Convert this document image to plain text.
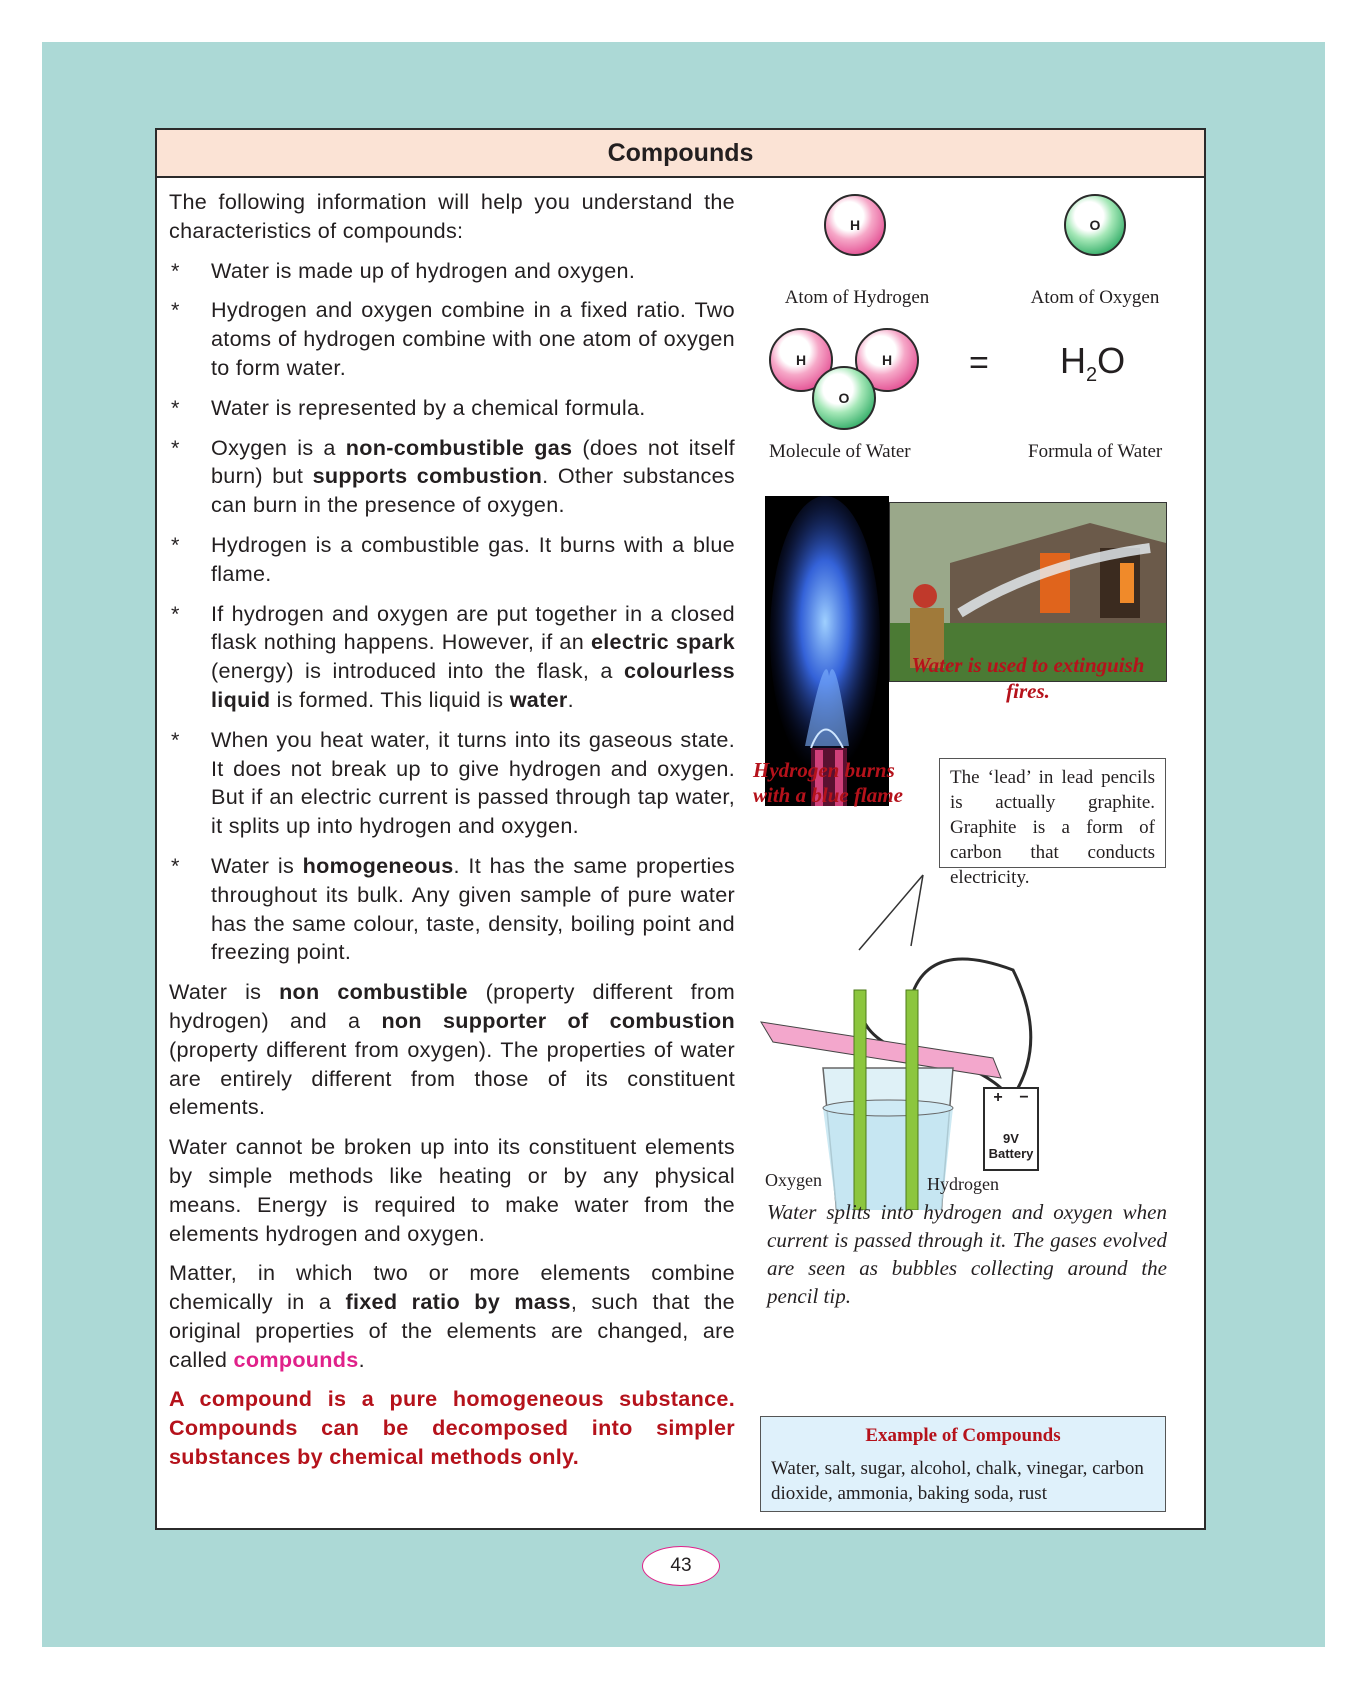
Compounds

The following information will help you understand the characteristics of compounds:

* Water is made up of hydrogen and oxygen.
* Hydrogen and oxygen combine in a fixed ratio. Two atoms of hydrogen combine with one atom of oxygen to form water.
* Water is represented by a chemical formula.
* Oxygen is a non-combustible gas (does not itself burn) but supports combustion. Other substances can burn in the presence of oxygen.
* Hydrogen is a combustible gas. It burns with a blue flame.
* If hydrogen and oxygen are put together in a closed flask nothing happens. However, if an electric spark (energy) is introduced into the flask, a colourless liquid is formed. This liquid is water.
* When you heat water, it turns into its gaseous state. It does not break up to give hydrogen and oxygen. But if an electric current is passed through tap water, it splits up into hydrogen and oxygen.
* Water is homogeneous. It has the same properties throughout its bulk. Any given sample of pure water has the same colour, taste, density, boiling point and freezing point.

Water is non combustible (property different from hydrogen) and a non supporter of combustion (property different from oxygen). The properties of water are entirely different from those of its constituent elements.

Water cannot be broken up into its constituent elements by simple methods like heating or by any physical means. Energy is required to make water from the elements hydrogen and oxygen.

Matter, in which two or more elements combine chemically in a fixed ratio by mass, such that the original properties of the elements are changed, are called compounds.

A compound is a pure homogeneous substance. Compounds can be decomposed into simpler substances by chemical methods only.

H	O
Atom of Hydrogen	Atom of Oxygen
H	H
O
= $H_2O$
Molecule of Water	Formula of Water
Water is used to extinguish fires.
Hydrogen burns with a blue flame
The ‘lead’ in lead pencils is actually graphite. Graphite is a form of carbon that conducts electricity.
+ −
9V
Battery
Oxygen	Hydrogen
Water splits into hydrogen and oxygen when current is passed through it. The gases evolved are seen as bubbles collecting around the pencil tip.
Example of Compounds
Water, salt, sugar, alcohol, chalk, vinegar, carbon dioxide, ammonia, baking soda, rust
43
